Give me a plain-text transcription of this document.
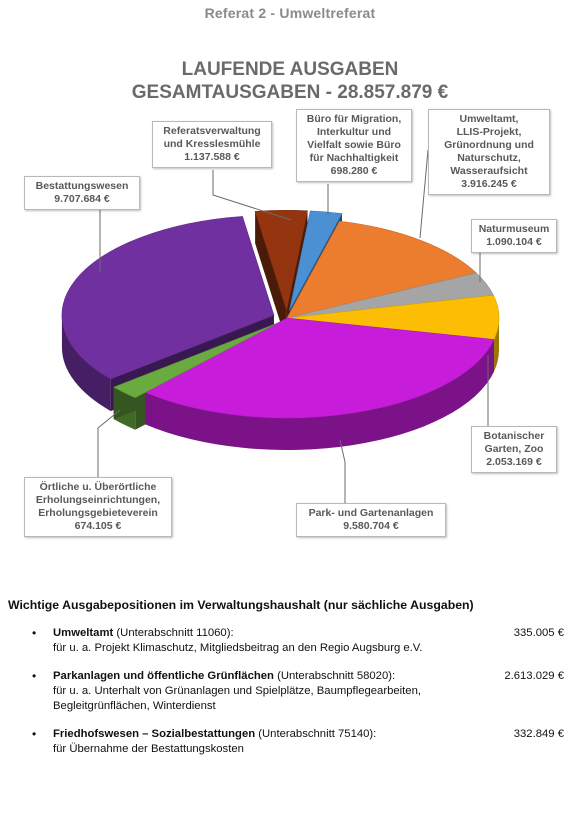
Referat 2 - Umweltreferat
LAUFENDE AUSGABEN
GESAMTAUSGABEN - 28.857.879 €
Referatsverwaltung
und Kresslesmühle
1.137.588 €
Büro für Migration,
Interkultur und
Vielfalt sowie Büro
für Nachhaltigkeit
698.280 €
Umweltamt,
LLIS-Projekt,
Grünordnung und
Naturschutz,
Wasseraufsicht
3.916.245 €
Naturmuseum
1.090.104 €
Botanischer
Garten, Zoo
2.053.169 €
Park- und Gartenanlagen
9.580.704 €
Örtliche u. Überörtliche
Erholungseinrichtungen,
Erholungsgebieteverein
674.105 €
Bestattungswesen
9.707.684 €
Wichtige Ausgabepositionen im Verwaltungshaushalt (nur sächliche Ausgaben)
• Umweltamt (Unterabschnitt 11060):
für u. a. Projekt Klimaschutz, Mitgliedsbeitrag an den Regio Augsburg e.V.
335.005 €
• Parkanlagen und öffentliche Grünflächen (Unterabschnitt 58020):
für u. a. Unterhalt von Grünanlagen und Spielplätze, Baumpflegearbeiten,
Begleitgrünflächen, Winterdienst
2.613.029 €
• Friedhofswesen – Sozialbestattungen (Unterabschnitt 75140):
für Übernahme der Bestattungskosten
332.849 €
